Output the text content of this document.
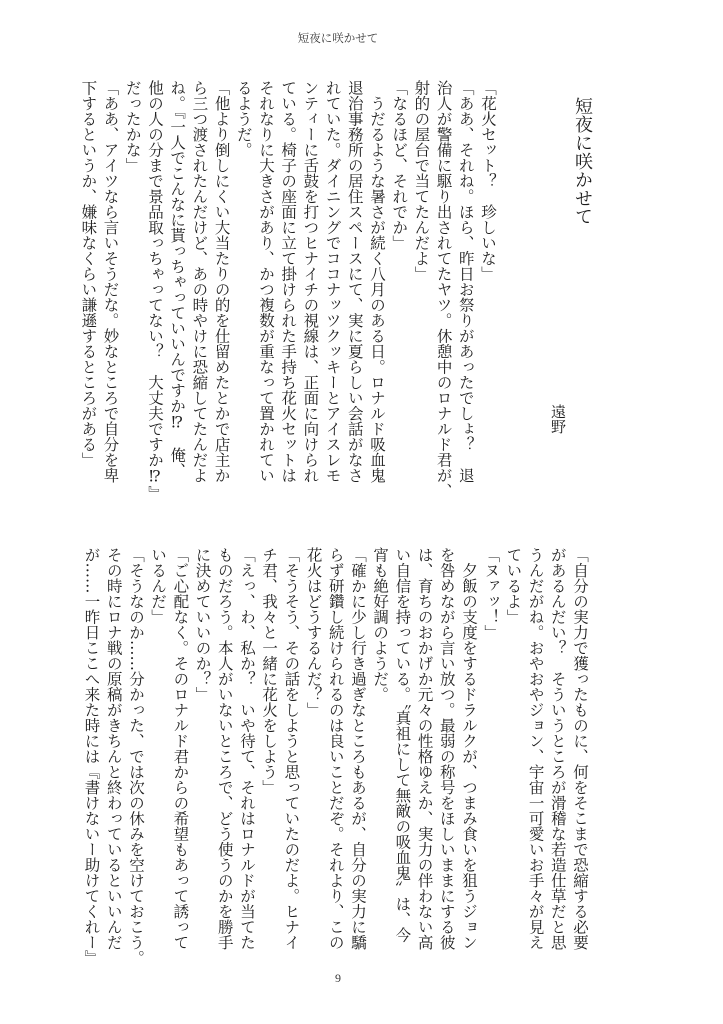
短夜に咲かせて
短夜に咲かせて
遠野
「花火セット？　珍しいな」
「ああ、それね。ほら、昨日お祭りがあったでしょ？　退
治人が警備に駆り出されてたヤツ。休憩中のロナルド君が、
射的の屋台で当てたんだよ」
「なるほど、それでか」
　うだるような暑さが続く八月のある日。ロナルド吸血鬼
退治事務所の居住スペースにて、実に夏らしい会話がなさ
れていた。ダイニングでココナッツクッキーとアイスレモ
ンティーに舌鼓を打つヒナイチの視線は、正面に向けられ
ている。椅子の座面に立て掛けられた手持ち花火セットは
それなりに大きさがあり、かつ複数が重なって置かれてい
るようだ。
「他より倒しにくい大当たりの的を仕留めたとかで店主か
ら三つ渡されたんだけど、あの時やけに恐縮してたんだよ
ね。『一人でこんなに貰っちゃっていいんですか⁉　俺、
他の人の分まで景品取っちゃってない？　大丈夫ですか⁉』
だったかな」
「ああ、アイツなら言いそうだな。妙なところで自分を卑
下するというか、嫌味なくらい謙遜するところがある」
「自分の実力で獲ったものに、何をそこまで恐縮する必要
があるんだい？　そういうところが滑稽な若造仕草だと思
うんだがね。おやおやジョン、宇宙一可愛いお手々が見え
ているよ」
「ヌァッ！」
　夕飯の支度をするドラルクが、つまみ食いを狙うジョン
を咎めながら言い放つ。最弱の称号をほしいままにする彼
は、育ちのおかげか元々の性格ゆえか、実力の伴わない高
い自信を持っている。〝真祖にして無敵の吸血鬼〟は、今
宵も絶好調のようだ。
「確かに少し行き過ぎなところもあるが、自分の実力に驕
らず研鑽し続けられるのは良いことだぞ。それより、この
花火はどうするんだ？」
「そうそう、その話をしようと思っていたのだよ。ヒナイ
チ君、我々と一緒に花火をしよう」
「えっ、わ、私か？　いや待て、それはロナルドが当てた
ものだろう。本人がいないところで、どう使うのかを勝手
に決めていいのか？」
「ご心配なく。そのロナルド君からの希望もあって誘って
いるんだ」
「そうなのか……分かった、では次の休みを空けておこう。
その時にロナ戦の原稿がきちんと終わっているといいんだ
が……一昨日ここへ来た時には『書けないー助けてくれー』
9
